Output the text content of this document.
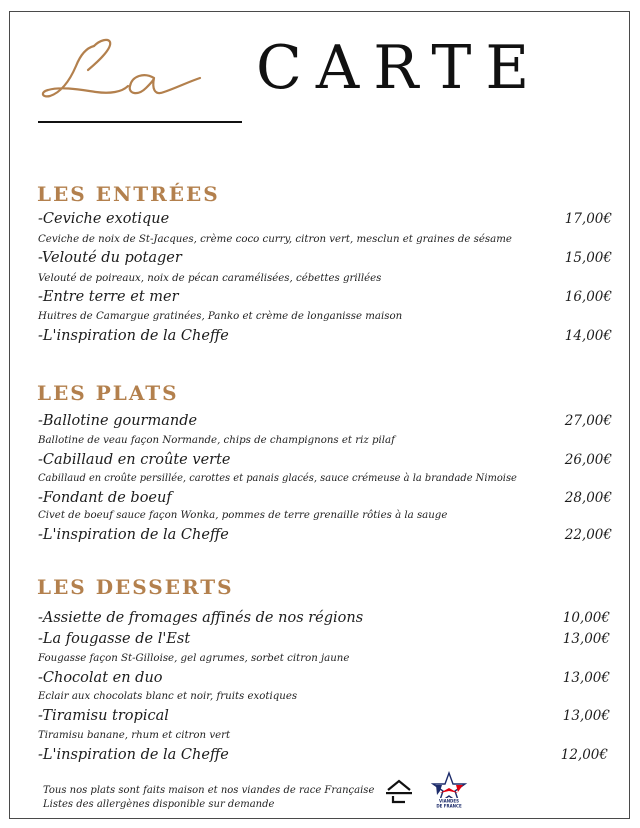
CARTE
LES ENTRÉES
-Ceviche exotique	17,00€
Ceviche de noix de St-Jacques, crème coco curry, citron vert, mesclun et graines de sésame
-Velouté du potager	15,00€
Velouté de poireaux, noix de pécan caramélisées, cébettes grillées
-Entre terre et mer	16,00€
Huitres de Camargue gratinées, Panko et crème de longanisse maison
-L'inspiration de la Cheffe	14,00€
LES PLATS
-Ballotine gourmande	27,00€
Ballotine de veau façon Normande, chips de champignons et riz pilaf
-Cabillaud en croûte verte	26,00€
Cabillaud en croûte persillée, carottes et panais glacés, sauce crémeuse à la brandade Nimoise
-Fondant de boeuf	28,00€
Civet de boeuf sauce façon Wonka, pommes de terre grenaille rôties à la sauge
-L'inspiration de la Cheffe	22,00€
LES DESSERTS
-Assiette de fromages affinés de nos régions	10,00€
-La fougasse de l'Est	13,00€
Fougasse façon St-Gilloise, gel agrumes, sorbet citron jaune
-Chocolat en duo	13,00€
Eclair aux chocolats blanc et noir, fruits exotiques
-Tiramisu tropical	13,00€
Tiramisu banane, rhum et citron vert
-L'inspiration de la Cheffe	12,00€
Tous nos plats sont faits maison et nos viandes de race Française
Listes des allergènes disponible sur demande	VIANDES
DE FRANCE
